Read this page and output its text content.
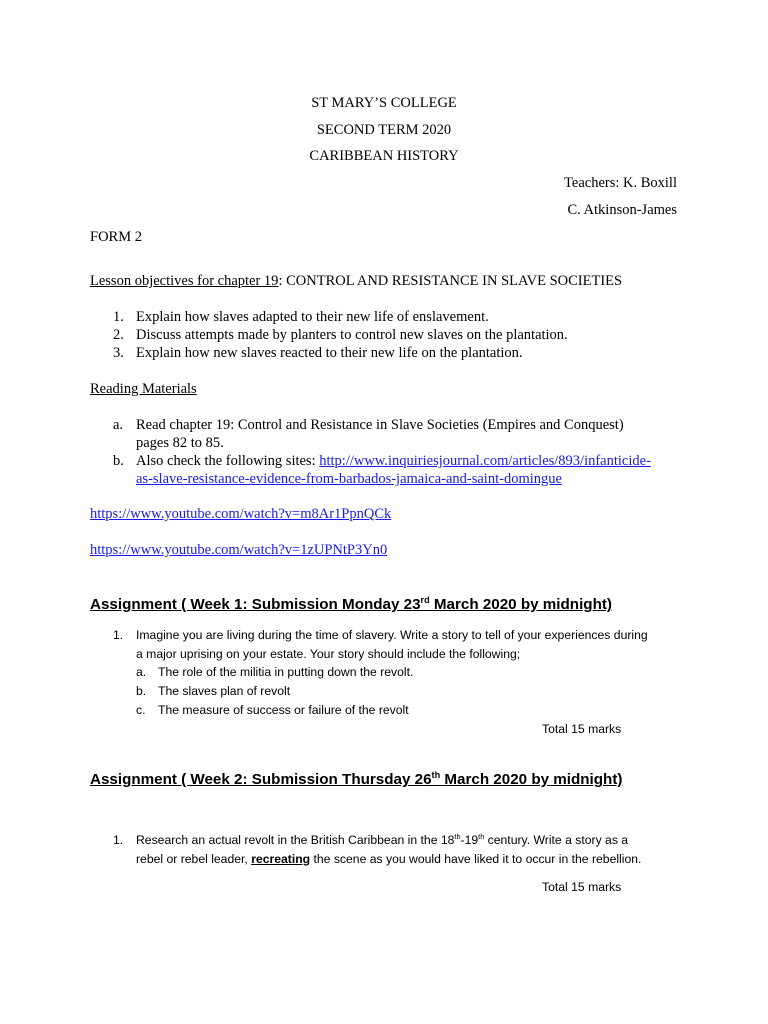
ST MARY’S COLLEGE
SECOND TERM 2020
CARIBBEAN HISTORY
Teachers: K. Boxill
C. Atkinson-James
FORM 2
Lesson objectives for chapter 19: CONTROL AND RESISTANCE IN SLAVE SOCIETIES
1. Explain how slaves adapted to their new life of enslavement.
2. Discuss attempts made by planters to control new slaves on the plantation.
3. Explain how new slaves reacted to their new life on the plantation.
Reading Materials
a. Read chapter 19: Control and Resistance in Slave Societies (Empires and Conquest)
pages 82 to 85.
b. Also check the following sites: http://www.inquiriesjournal.com/articles/893/infanticide-
as-slave-resistance-evidence-from-barbados-jamaica-and-saint-domingue
https://www.youtube.com/watch?v=m8Ar1PpnQCk
https://www.youtube.com/watch?v=1zUPNtP3Yn0
Assignment ( Week 1: Submission Monday 23rd March 2020 by midnight)
1. Imagine you are living during the time of slavery. Write a story to tell of your experiences during
a major uprising on your estate. Your story should include the following;
a. The role of the militia in putting down the revolt.
b. The slaves plan of revolt
c. The measure of success or failure of the revolt
Total 15 marks
Assignment ( Week 2: Submission Thursday 26th March 2020 by midnight)
1. Research an actual revolt in the British Caribbean in the 18th-19th century. Write a story as a
rebel or rebel leader, recreating the scene as you would have liked it to occur in the rebellion.
Total 15 marks
